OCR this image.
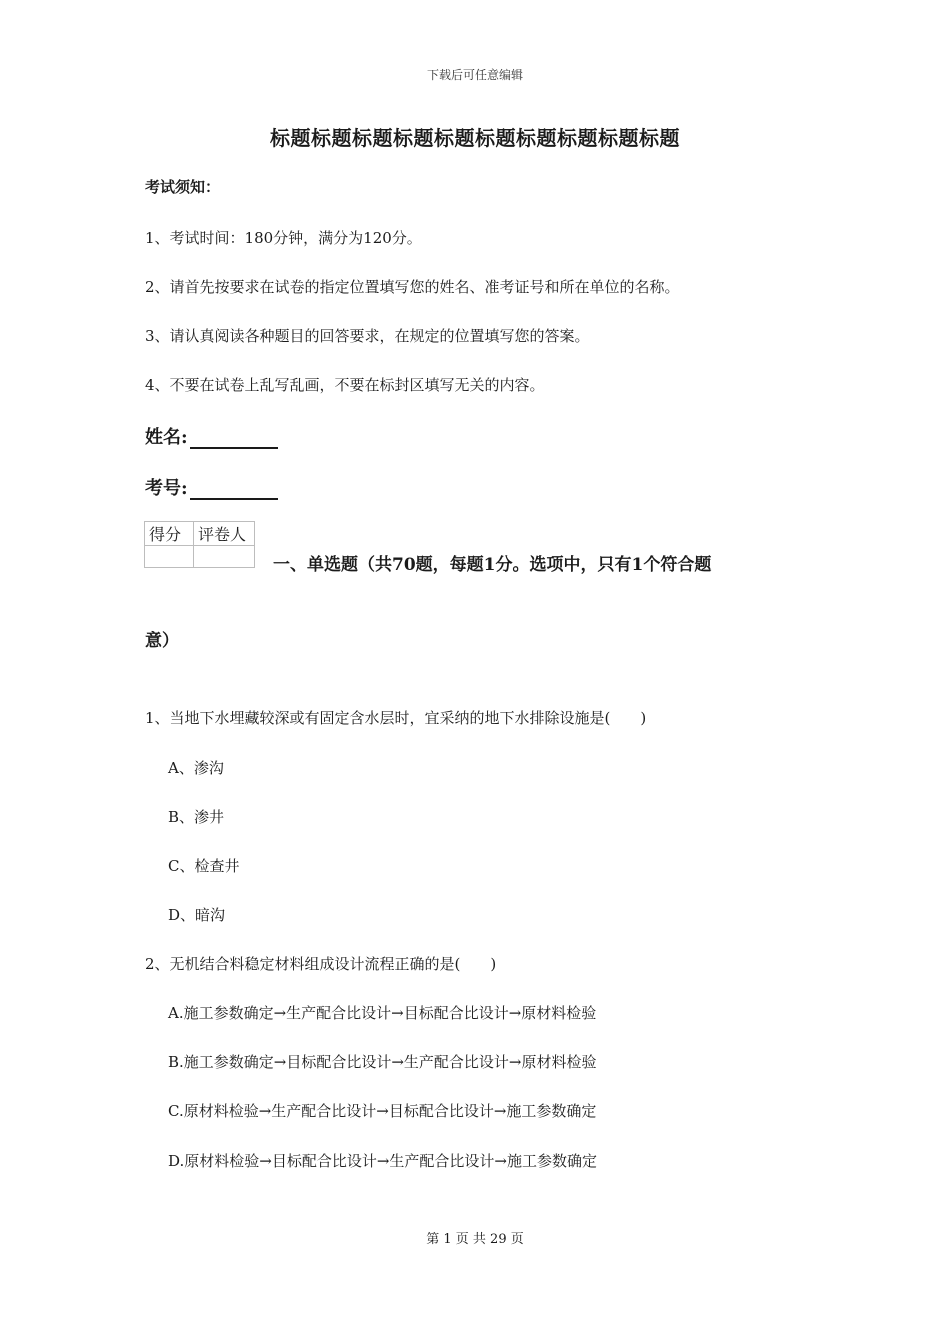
下载后可任意编辑
标题标题标题标题标题标题标题标题标题标题
考试须知：
1、考试时间：180分钟，满分为120分。
2、请首先按要求在试卷的指定位置填写您的姓名、准考证号和所在单位的名称。
3、请认真阅读各种题目的回答要求，在规定的位置填写您的答案。
4、不要在试卷上乱写乱画，不要在标封区填写无关的内容。
姓名:
考号:
得分	评卷人

一、单选题（共70题，每题1分。选项中，只有1个符合题
意）
1、当地下水埋藏较深或有固定含水层时，宜采纳的地下水排除设施是(　　)
A、渗沟
B、渗井
C、检查井
D、暗沟
2、无机结合料稳定材料组成设计流程正确的是(　　)
A.施工参数确定→生产配合比设计→目标配合比设计→原材料检验
B.施工参数确定→目标配合比设计→生产配合比设计→原材料检验
C.原材料检验→生产配合比设计→目标配合比设计→施工参数确定
D.原材料检验→目标配合比设计→生产配合比设计→施工参数确定
第 1 页 共 29 页
